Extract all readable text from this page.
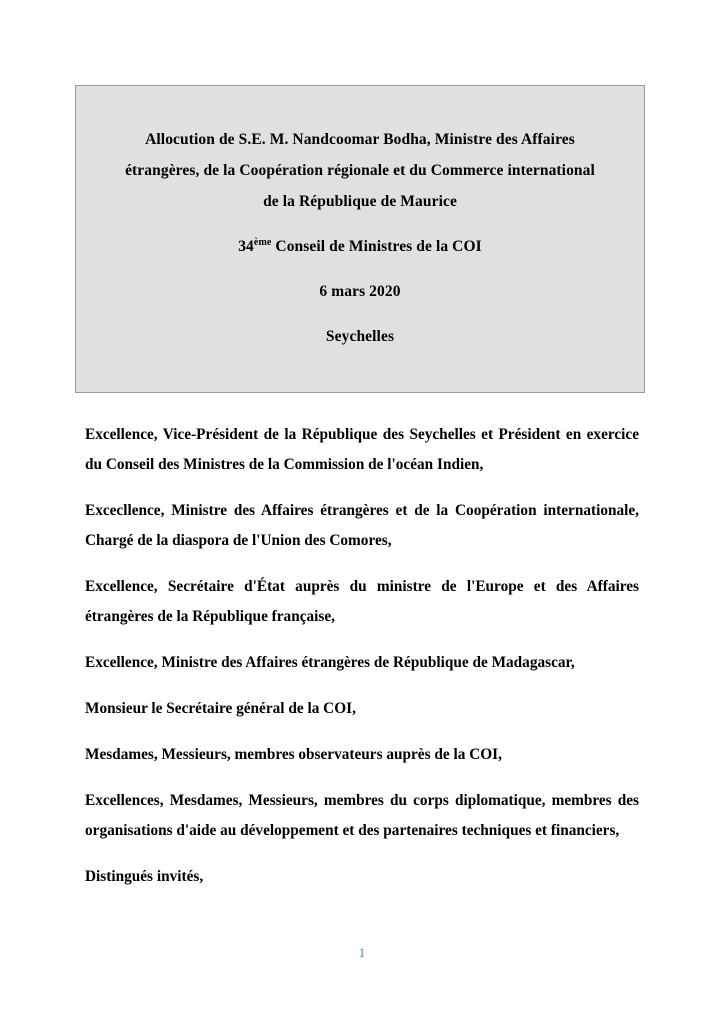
Allocution de S.E. M. Nandcoomar Bodha, Ministre des Affaires
étrangères, de la Coopération régionale et du Commerce international
de la République de Maurice
34ème Conseil de Ministres de la COI
6 mars 2020
Seychelles

Excellence, Vice-Président de la République des Seychelles et Président en exercice du Conseil des Ministres de la Commission de l'océan Indien,

Excecllence, Ministre des Affaires étrangères et de la Coopération internationale, Chargé de la diaspora de l'Union des Comores,

Excellence, Secrétaire d'État auprès du ministre de l'Europe et des Affaires étrangères de la République française,

Excellence, Ministre des Affaires étrangères de République de Madagascar,

Monsieur le Secrétaire général de la COI,

Mesdames, Messieurs, membres observateurs auprès de la COI,

Excellences, Mesdames, Messieurs, membres du corps diplomatique, membres des organisations d'aide au développement et des partenaires techniques et financiers,

Distingués invités,

1
